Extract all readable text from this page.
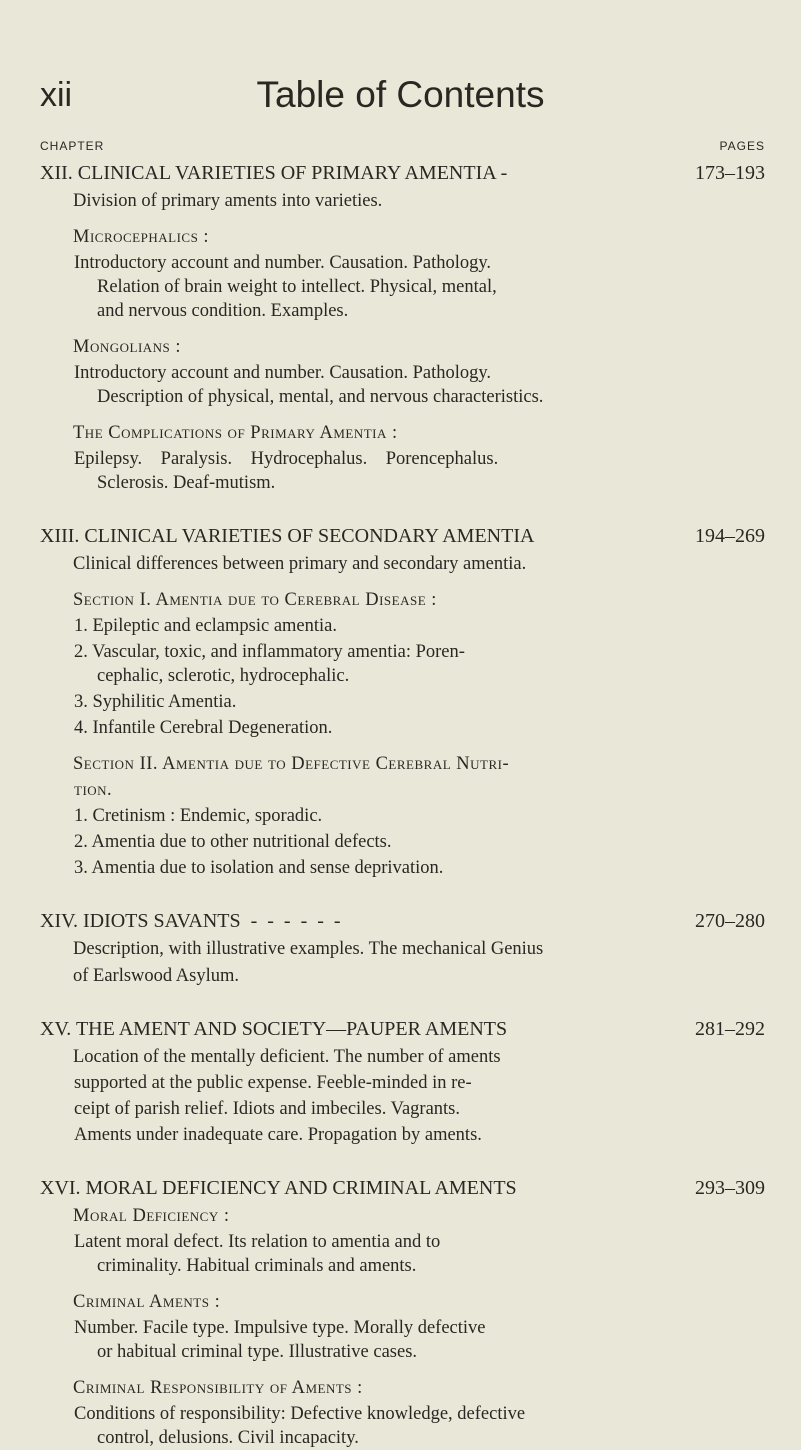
xii	Table of Contents
CHAPTER	PAGES
XII. CLINICAL VARIETIES OF PRIMARY AMENTIA -	173–193
Division of primary aments into varieties.
Microcephalics :
Introductory account and number. Causation. Pathology.
Relation of brain weight to intellect. Physical, mental,
and nervous condition. Examples.
Mongolians :
Introductory account and number. Causation. Pathology.
Description of physical, mental, and nervous characteristics.
The Complications of Primary Amentia :
Epilepsy.    Paralysis.    Hydrocephalus.    Porencephalus.
Sclerosis. Deaf-mutism.
XIII. CLINICAL VARIETIES OF SECONDARY AMENTIA	194–269
Clinical differences between primary and secondary amentia.
Section I. Amentia due to Cerebral Disease :
1. Epileptic and eclampsic amentia.
2. Vascular, toxic, and inflammatory amentia: Poren-
cephalic, sclerotic, hydrocephalic.
3. Syphilitic Amentia.
4. Infantile Cerebral Degeneration.
Section II. Amentia due to Defective Cerebral Nutri-
tion.
1. Cretinism : Endemic, sporadic.
2. Amentia due to other nutritional defects.
3. Amentia due to isolation and sense deprivation.
XIV. IDIOTS SAVANTS  -  -  -  -  -  -	270–280
Description, with illustrative examples. The mechanical Genius
of Earlswood Asylum.
XV. THE AMENT AND SOCIETY—PAUPER AMENTS	281–292
Location of the mentally deficient. The number of aments
supported at the public expense. Feeble-minded in re-
ceipt of parish relief. Idiots and imbeciles. Vagrants.
Aments under inadequate care. Propagation by aments.
XVI. MORAL DEFICIENCY AND CRIMINAL AMENTS	293–309
Moral Deficiency :
Latent moral defect. Its relation to amentia and to
criminality. Habitual criminals and aments.
Criminal Aments :
Number. Facile type. Impulsive type. Morally defective
or habitual criminal type. Illustrative cases.
Criminal Responsibility of Aments :
Conditions of responsibility: Defective knowledge, defective
control, delusions. Civil incapacity.
